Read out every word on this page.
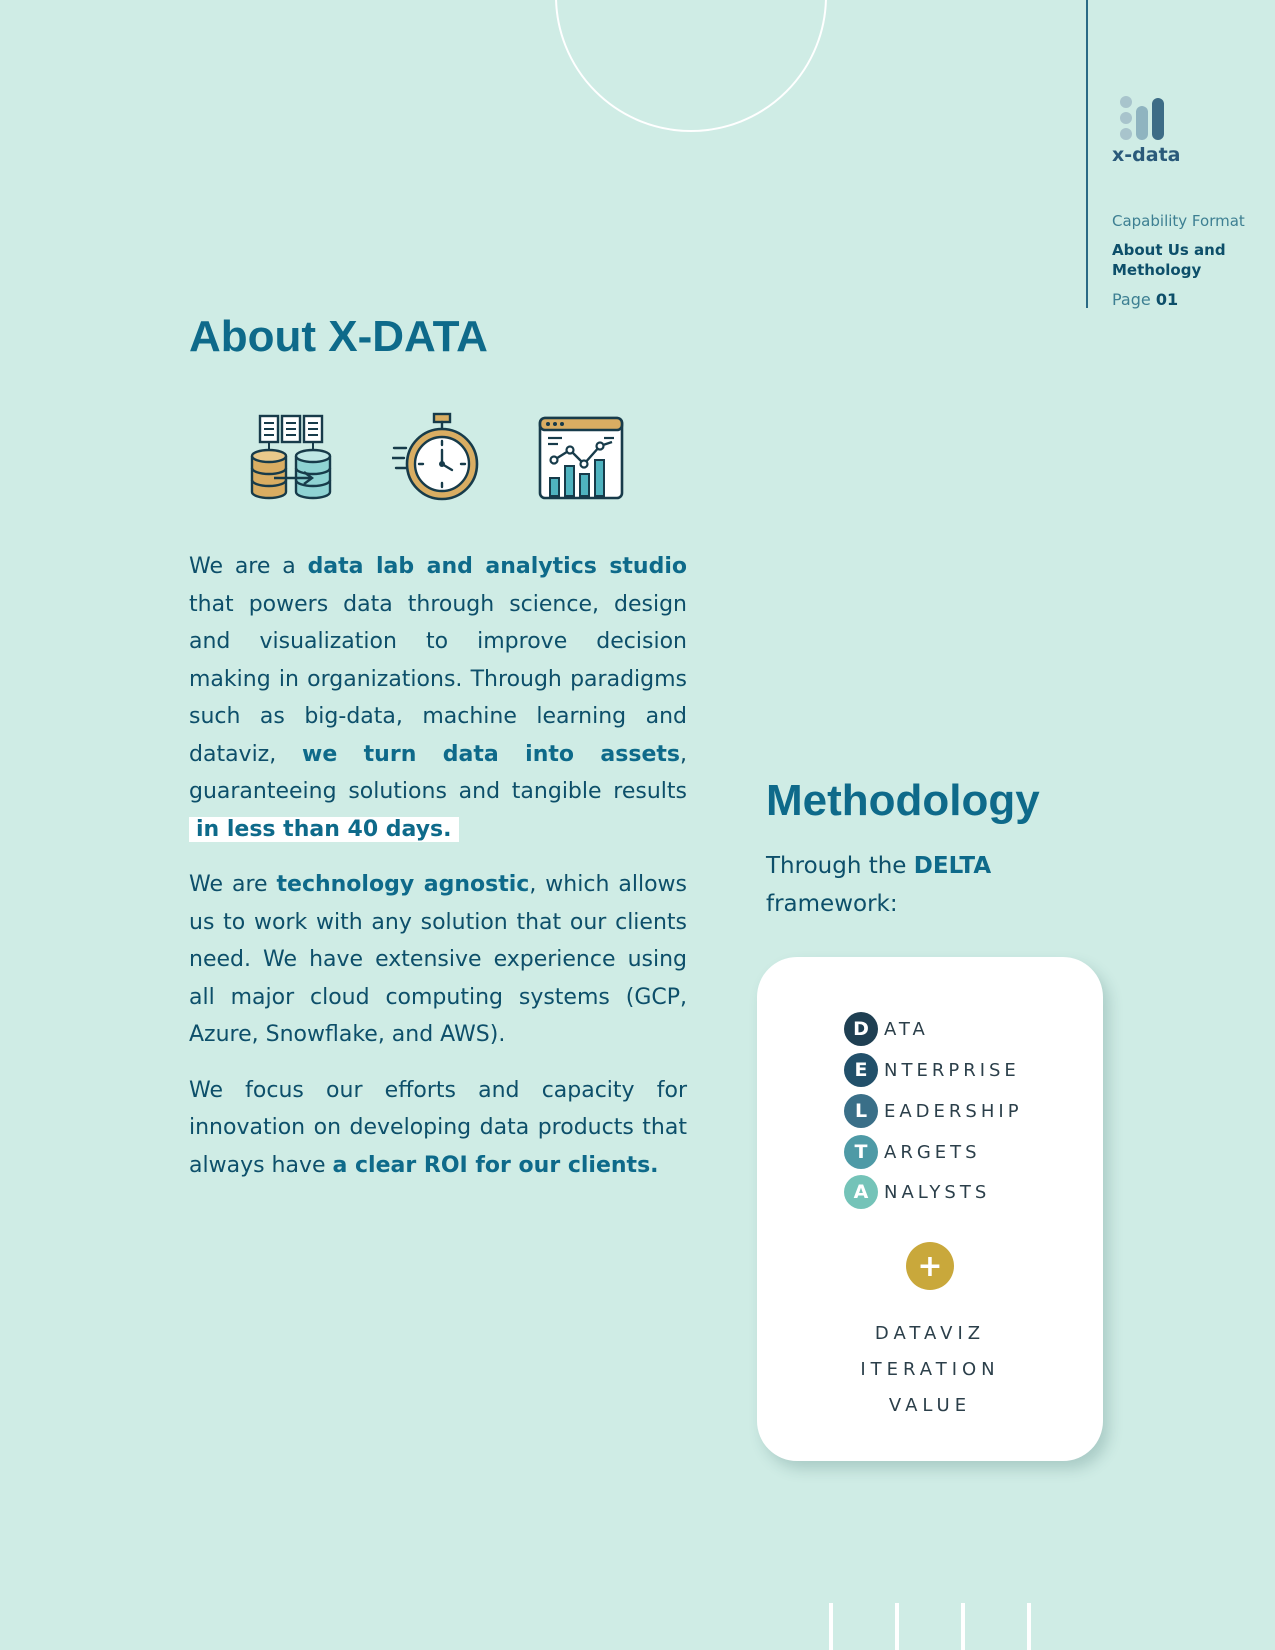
x-data
Capability Format
About Us and Methology
Page 01
About X-DATA

We are a data lab and analytics studio that powers data through science, design and visualization to improve decision making in organizations. Through paradigms such as big-data, machine learning and dataviz, we turn data into assets, guaranteeing solutions and tangible results in less than 40 days.

We are technology agnostic, which allows us to work with any solution that our clients need. We have extensive experience using all major cloud computing systems (GCP, Azure, Snowflake, and AWS).

We focus our efforts and capacity for innovation on developing data products that always have a clear ROI for our clients.

Methodology
Through the DELTA
framework:
D ATA
E NTERPRISE
L EADERSHIP
T ARGETS
A NALYSTS
+
DATAVIZ
ITERATION
VALUE
